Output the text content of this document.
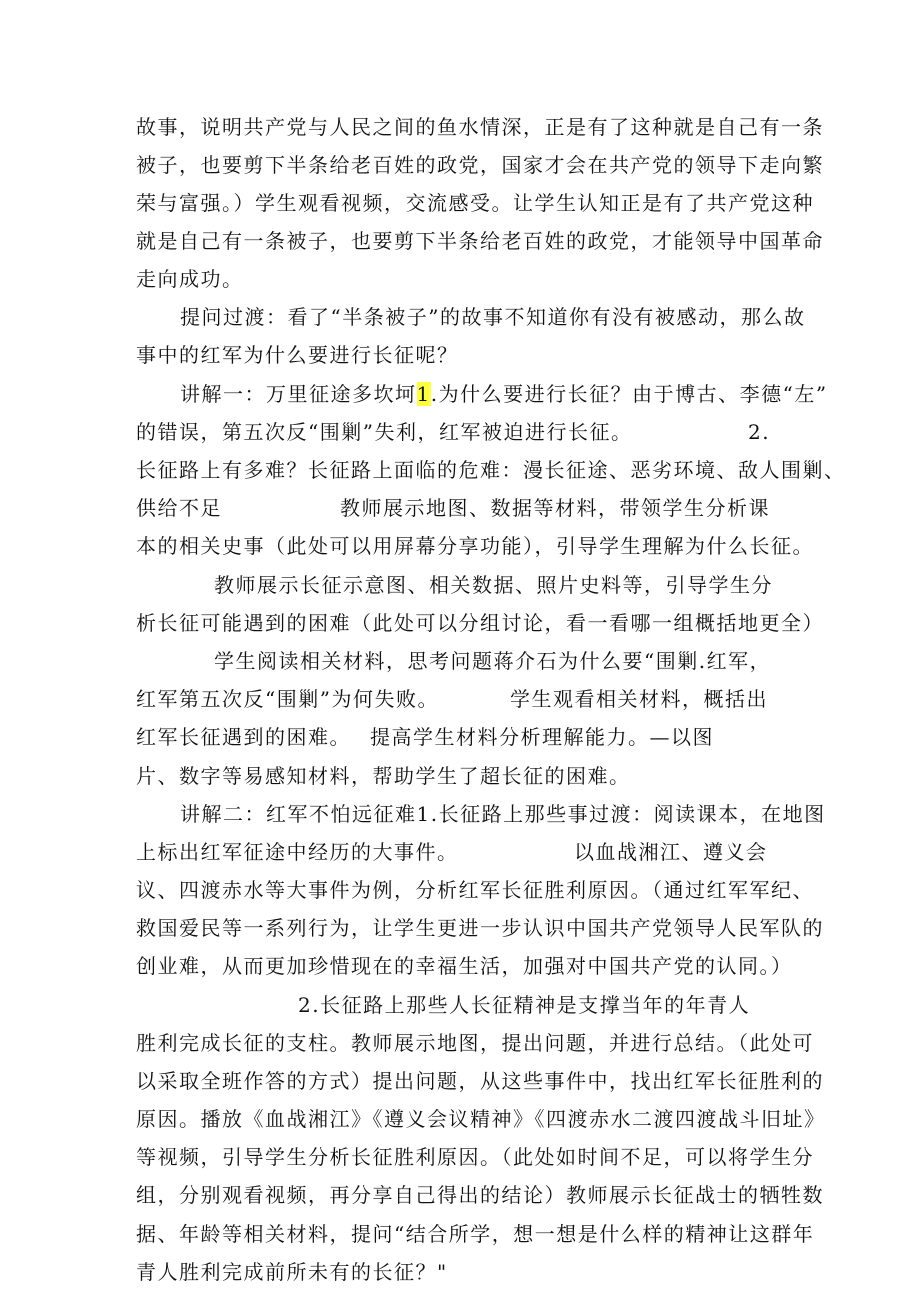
故事，说明共产党与人民之间的鱼水情深，正是有了这种就是自己有一条
被子，也要剪下半条给老百姓的政党，国家才会在共产党的领导下走向繁
荣与富强。）学生观看视频，交流感受。让学生认知正是有了共产党这种
就是自己有一条被子，也要剪下半条给老百姓的政党，才能领导中国革命
走向成功。
提问过渡：看了“半条被子”的故事不知道你有没有被感动，那么故
事中的红军为什么要进行长征呢？
讲解一：万里征途多坎坷1.为什么要进行长征？由于博古、李德“左”
的错误，第五次反“围剿”失利，红军被迫进行长征。	2.
长征路上有多难？长征路上面临的危难：漫长征途、恶劣环境、敌人围剿、
供给不足	教师展示地图、数据等材料，带领学生分析课
本的相关史事（此处可以用屏幕分享功能），引导学生理解为什么长征。
教师展示长征示意图、相关数据、照片史料等，引导学生分
析长征可能遇到的困难（此处可以分组讨论，看一看哪一组概括地更全）
学生阅读相关材料，思考问题蒋介石为什么要“围剿.红军，
红军第五次反“围剿”为何失败。	学生观看相关材料，概括出
红军长征遇到的困难。 提高学生材料分析理解能力。—以图
片、数字等易感知材料，帮助学生了超长征的困难。
讲解二：红军不怕远征难1.长征路上那些事过渡：阅读课本，在地图
上标出红军征途中经历的大事件。	以血战湘江、遵义会
议、四渡赤水等大事件为例，分析红军长征胜利原因。（通过红军军纪、
救国爱民等一系列行为，让学生更进一步认识中国共产党领导人民军队的
创业难，从而更加珍惜现在的幸福生活，加强对中国共产党的认同。）
2.长征路上那些人长征精神是支撑当年的年青人
胜利完成长征的支柱。教师展示地图，提出问题，并进行总结。（此处可
以采取全班作答的方式）提出问题，从这些事件中，找出红军长征胜利的
原因。播放《血战湘江》《遵义会议精神》《四渡赤水二渡四渡战斗旧址》
等视频，引导学生分析长征胜利原因。（此处如时间不足，可以将学生分
组，分别观看视频，再分享自己得出的结论）教师展示长征战士的牺牲数
据、年龄等相关材料，提问“结合所学，想一想是什么样的精神让这群年
青人胜利完成前所未有的长征？"
